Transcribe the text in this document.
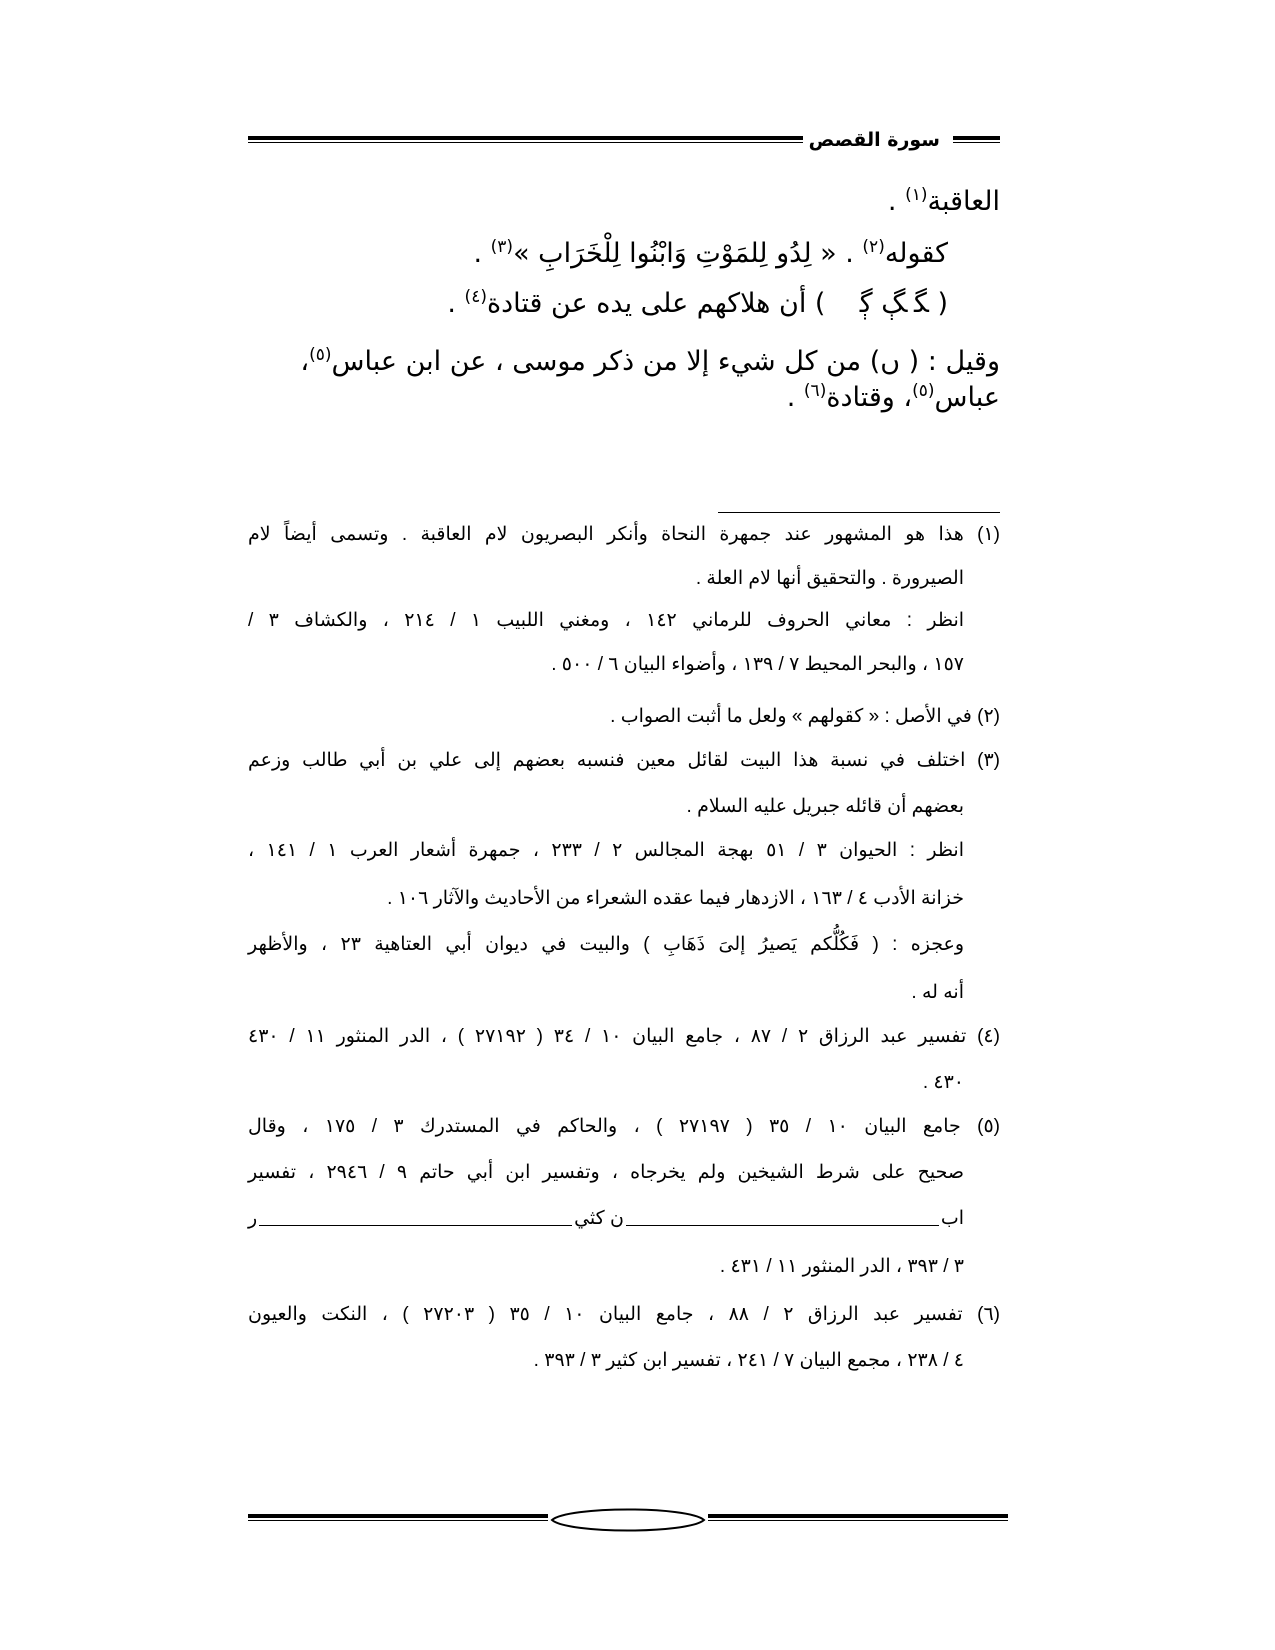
سورة القصص

العاقبة$^{(١)}$ .

كقوله$^{(٢)}$ . « لِدُو لِلمَوْتِ وَابْنُوا لِلْخَرَابِ »$^{(٣)}$ .

( ﮕ ﮗ ﮘ    ) أن هلاكهم على يده عن قتادة$^{(٤)}$ .

وقيل : ( ں) من كل شيء إلا من ذكر موسى ، عن ابن عباس$^{(٥)}$،

عباس$^{(٥)}$، وقتادة$^{(٦)}$ .

(١) هذا هو المشهور عند جمهرة النحاة وأنكر البصريون لام العاقبة . وتسمى أيضاً لام
الصيرورة . والتحقيق أنها لام العلة .
انظر : معاني الحروف للرماني ١٤٢ ، ومغني اللبيب ١ / ٢١٤ ، والكشاف ٣ /
١٥٧ ، والبحر المحيط ٧ / ١٣٩ ، وأضواء البيان ٦ / ٥٠٠ .
(٢) في الأصل : « كقولهم » ولعل ما أثبت الصواب .
(٣) اختلف في نسبة هذا البيت لقائل معين فنسبه بعضهم إلى علي بن أبي طالب وزعم
بعضهم أن قائله جبريل عليه السلام .
انظر : الحيوان ٣ / ٥١ بهجة المجالس ٢ / ٢٣٣ ، جمهرة أشعار العرب ١ / ١٤١ ،
خزانة الأدب ٤ / ١٦٣ ، الازدهار فيما عقده الشعراء من الأحاديث والآثار ١٠٦ .
وعجزه : ( فَكُلُّكم يَصيرُ إلىَ ذَهَابِ ) والبيت في ديوان أبي العتاهية ٢٣ ، والأظهر
أنه له .
(٤) تفسير عبد الرزاق ٢ / ٨٧ ، جامع البيان ١٠ / ٣٤ ( ٢٧١٩٢ ) ، الدر المنثور ١١ / ٤٣٠
٤٣٠ .
(٥) جامع البيان ١٠ / ٣٥ ( ٢٧١٩٧ ) ، والحاكم في المستدرك ٣ / ١٧٥ ، وقال
صحيح على شرط الشيخين ولم يخرجاه ، وتفسير ابن أبي حاتم ٩ / ٢٩٤٦ ، تفسير
اب
ن كثي
ر
٣ / ٣٩٣ ، الدر المنثور ١١ / ٤٣١ .
(٦) تفسير عبد الرزاق ٢ / ٨٨ ، جامع البيان ١٠ / ٣٥ ( ٢٧٢٠٣ ) ، النكت والعيون
٤ / ٢٣٨ ، مجمع البيان ٧ / ٢٤١ ، تفسير ابن كثير ٣ / ٣٩٣ .
